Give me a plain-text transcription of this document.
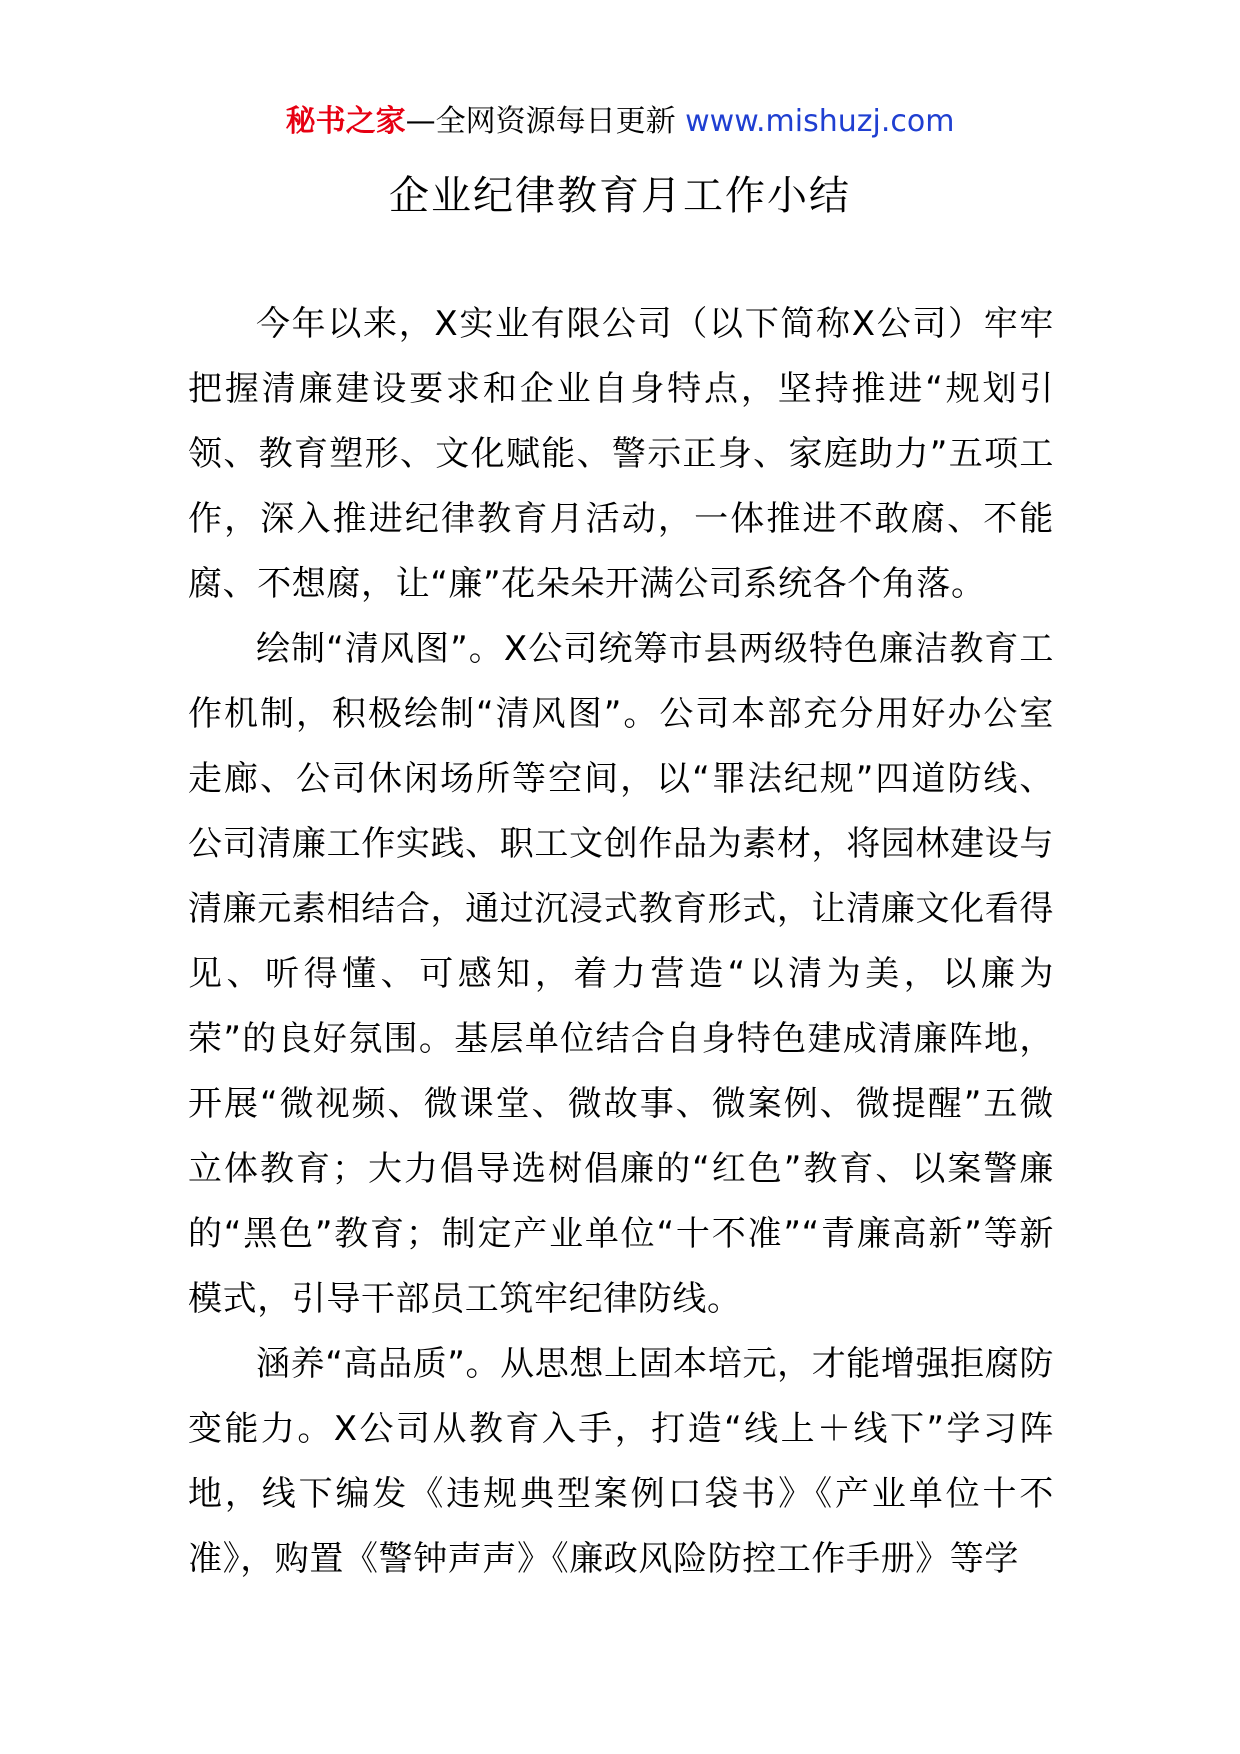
秘书之家—全网资源每日更新 www.mishuzj.com
企业纪律教育月工作小结

今年以来，X实业有限公司（以下简称X公司）牢牢把握清廉建设要求和企业自身特点，坚持推进“规划引领、教育塑形、文化赋能、警示正身、家庭助力”五项工作，深入推进纪律教育月活动，一体推进不敢腐、不能腐、不想腐，让“廉”花朵朵开满公司系统各个角落。

绘制“清风图”。X公司统筹市县两级特色廉洁教育工作机制，积极绘制“清风图”。公司本部充分用好办公室走廊、公司休闲场所等空间，以“罪法纪规”四道防线、公司清廉工作实践、职工文创作品为素材，将园林建设与清廉元素相结合，通过沉浸式教育形式，让清廉文化看得见、听得懂、可感知，着力营造“以清为美，以廉为荣”的良好氛围。基层单位结合自身特色建成清廉阵地，开展“微视频、微课堂、微故事、微案例、微提醒”五微立体教育；大力倡导选树倡廉的“红色”教育、以案警廉的“黑色”教育；制定产业单位“十不准”“青廉高新”等新模式，引导干部员工筑牢纪律防线。

涵养“高品质”。从思想上固本培元，才能增强拒腐防变能力。X公司从教育入手，打造“线上＋线下”学习阵地，线下编发《违规典型案例口袋书》《产业单位十不准》，购置《警钟声声》《廉政风险防控工作手册》等学
